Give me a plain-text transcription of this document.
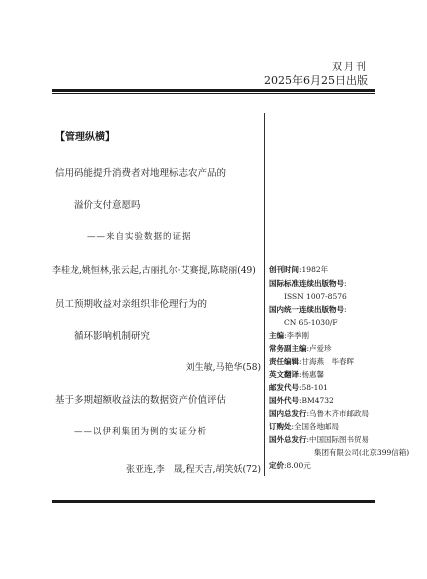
双月刊
2025年6月25日出版
【管理纵横】
信用码能提升消费者对地理标志农产品的
溢价支付意愿吗
——来自实验数据的证据
李桂龙,姚恒林,张云起,古丽扎尔·艾赛提,陈晓丽(49)
员工预期收益对亲组织非伦理行为的
循环影响机制研究
刘生敏,马艳华(58)
基于多期超额收益法的数据资产价值评估
——以伊利集团为例的实证分析
张亚连,李　晟,程天吉,胡笑妖(72)
创刊时间:1982年
国际标准连续出版物号:
ISSN 1007-8576
国内统一连续出版物号:
CN 65-1030/F
主编:李季刚
常务副主编:卢爱珍
责任编辑:甘海燕　毕春晖
英文翻译:杨惠馨
邮发代号:58-101
国外代号:BM4732
国内总发行:乌鲁木齐市邮政局
订购处:全国各地邮局
国外总发行:中国国际图书贸易
集团有限公司(北京399信箱)
定价:8.00元
